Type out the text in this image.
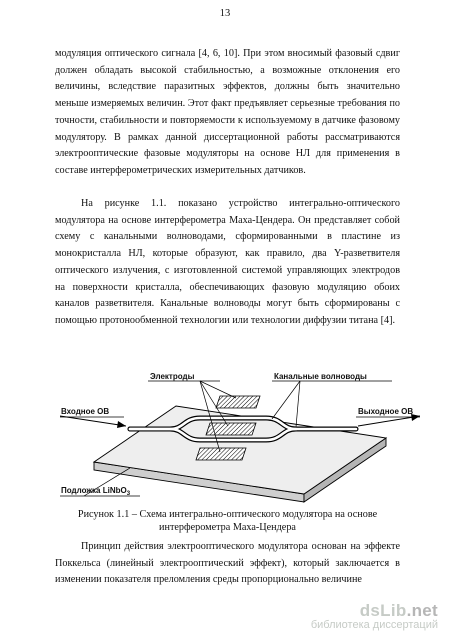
13

модуляция оптического сигнала [4, 6, 10]. При этом вносимый фазовый сдвиг должен обладать высокой стабильностью, а возможные отклонения его величины, вследствие паразитных эффектов, должны быть значительно меньше измеряемых величин. Этот факт предъявляет серьезные требования по точности, стабильности и повторяемости к используемому в датчике фазовому модулятору. В рамках данной диссертационной работы рассматриваются электрооптические фазовые модуляторы на основе НЛ для применения в составе интерферометрических измерительных датчиков.

На рисунке 1.1. показано устройство интегрально-оптического модулятора на основе интерферометра Маха-Цендера. Он представляет собой схему с канальными волноводами, сформированными в пластине из монокристалла НЛ, которые образуют, как правило, два Y-разветвителя оптического излучения, с изготовленной системой управляющих электродов на поверхности кристалла, обеспечивающих фазовую модуляцию обоих каналов разветвителя. Канальные волноводы могут быть сформированы с помощью протонообменной технологии или технологии диффузии титана [4].

Электроды	Канальные волноводы
Входное ОВ	Выходное ОВ
Подложка LiNbO$_3$
Рисунок 1.1 – Схема интегрально-оптического модулятора на основе
интерферометра Маха-Цендера

Принцип действия электрооптического модулятора основан на эффекте Поккельса (линейный электрооптический эффект), который заключается в изменении показателя преломления среды пропорционально величине

dsLib.net
библиотека диссертаций
